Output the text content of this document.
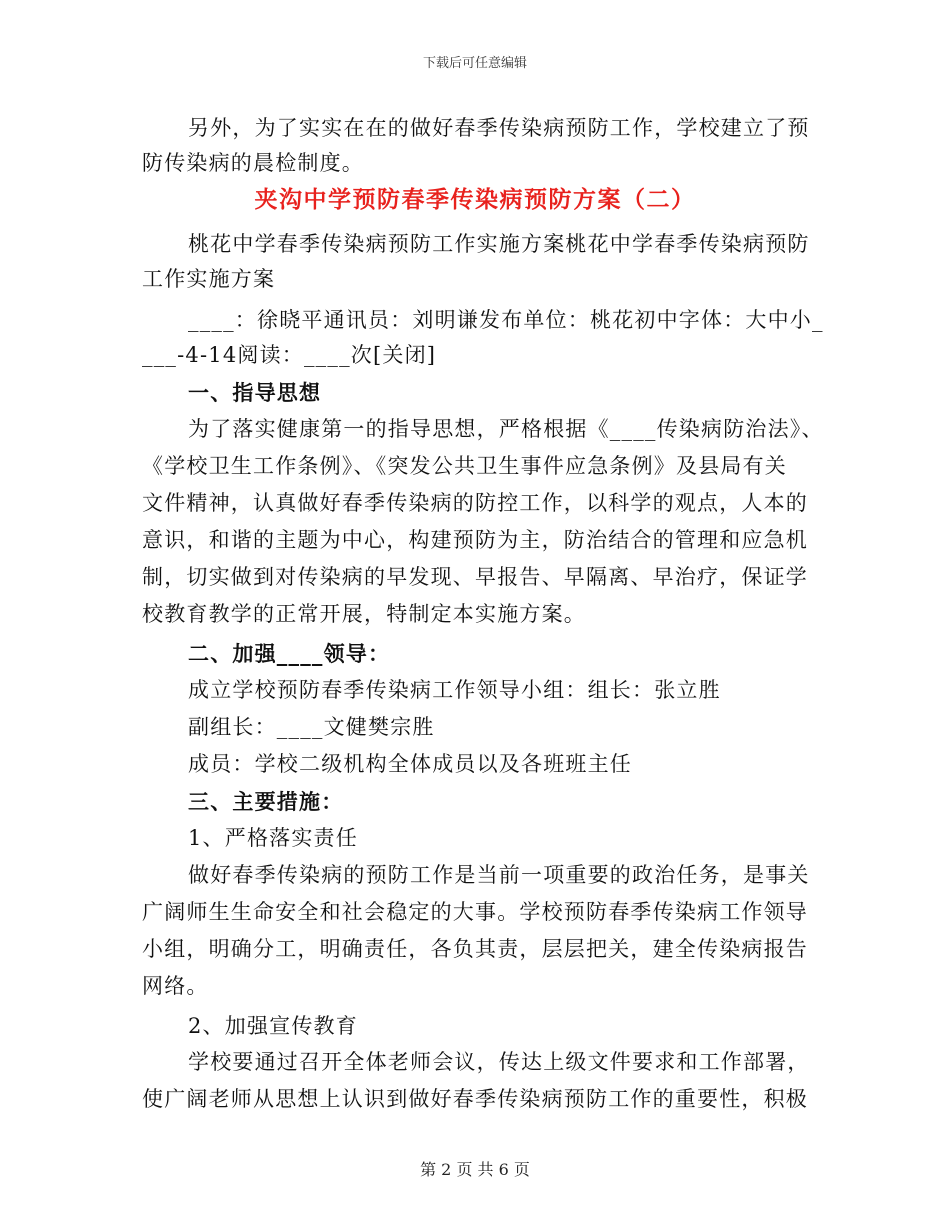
下载后可任意编辑
另外，为了实实在在的做好春季传染病预防工作，学校建立了预
防传染病的晨检制度。
夹沟中学预防春季传染病预防方案（二）
桃花中学春季传染病预防工作实施方案桃花中学春季传染病预防
工作实施方案
____：徐晓平通讯员：刘明谦发布单位：桃花初中字体：大中小_
___-4-14阅读：____次[关闭]
一、指导思想
为了落实健康第一的指导思想，严格根据《____传染病防治法》、
《学校卫生工作条例》、《突发公共卫生事件应急条例》及县局有关
文件精神，认真做好春季传染病的防控工作，以科学的观点，人本的
意识，和谐的主题为中心，构建预防为主，防治结合的管理和应急机
制，切实做到对传染病的早发现、早报告、早隔离、早治疗，保证学
校教育教学的正常开展，特制定本实施方案。
二、加强____领导：
成立学校预防春季传染病工作领导小组：组长：张立胜
副组长：____文健樊宗胜
成员：学校二级机构全体成员以及各班班主任
三、主要措施：
1、严格落实责任
做好春季传染病的预防工作是当前一项重要的政治任务，是事关
广阔师生生命安全和社会稳定的大事。学校预防春季传染病工作领导
小组，明确分工，明确责任，各负其责，层层把关，建全传染病报告
网络。
2、加强宣传教育
学校要通过召开全体老师会议，传达上级文件要求和工作部署，
使广阔老师从思想上认识到做好春季传染病预防工作的重要性，积极
第 2 页 共 6 页
